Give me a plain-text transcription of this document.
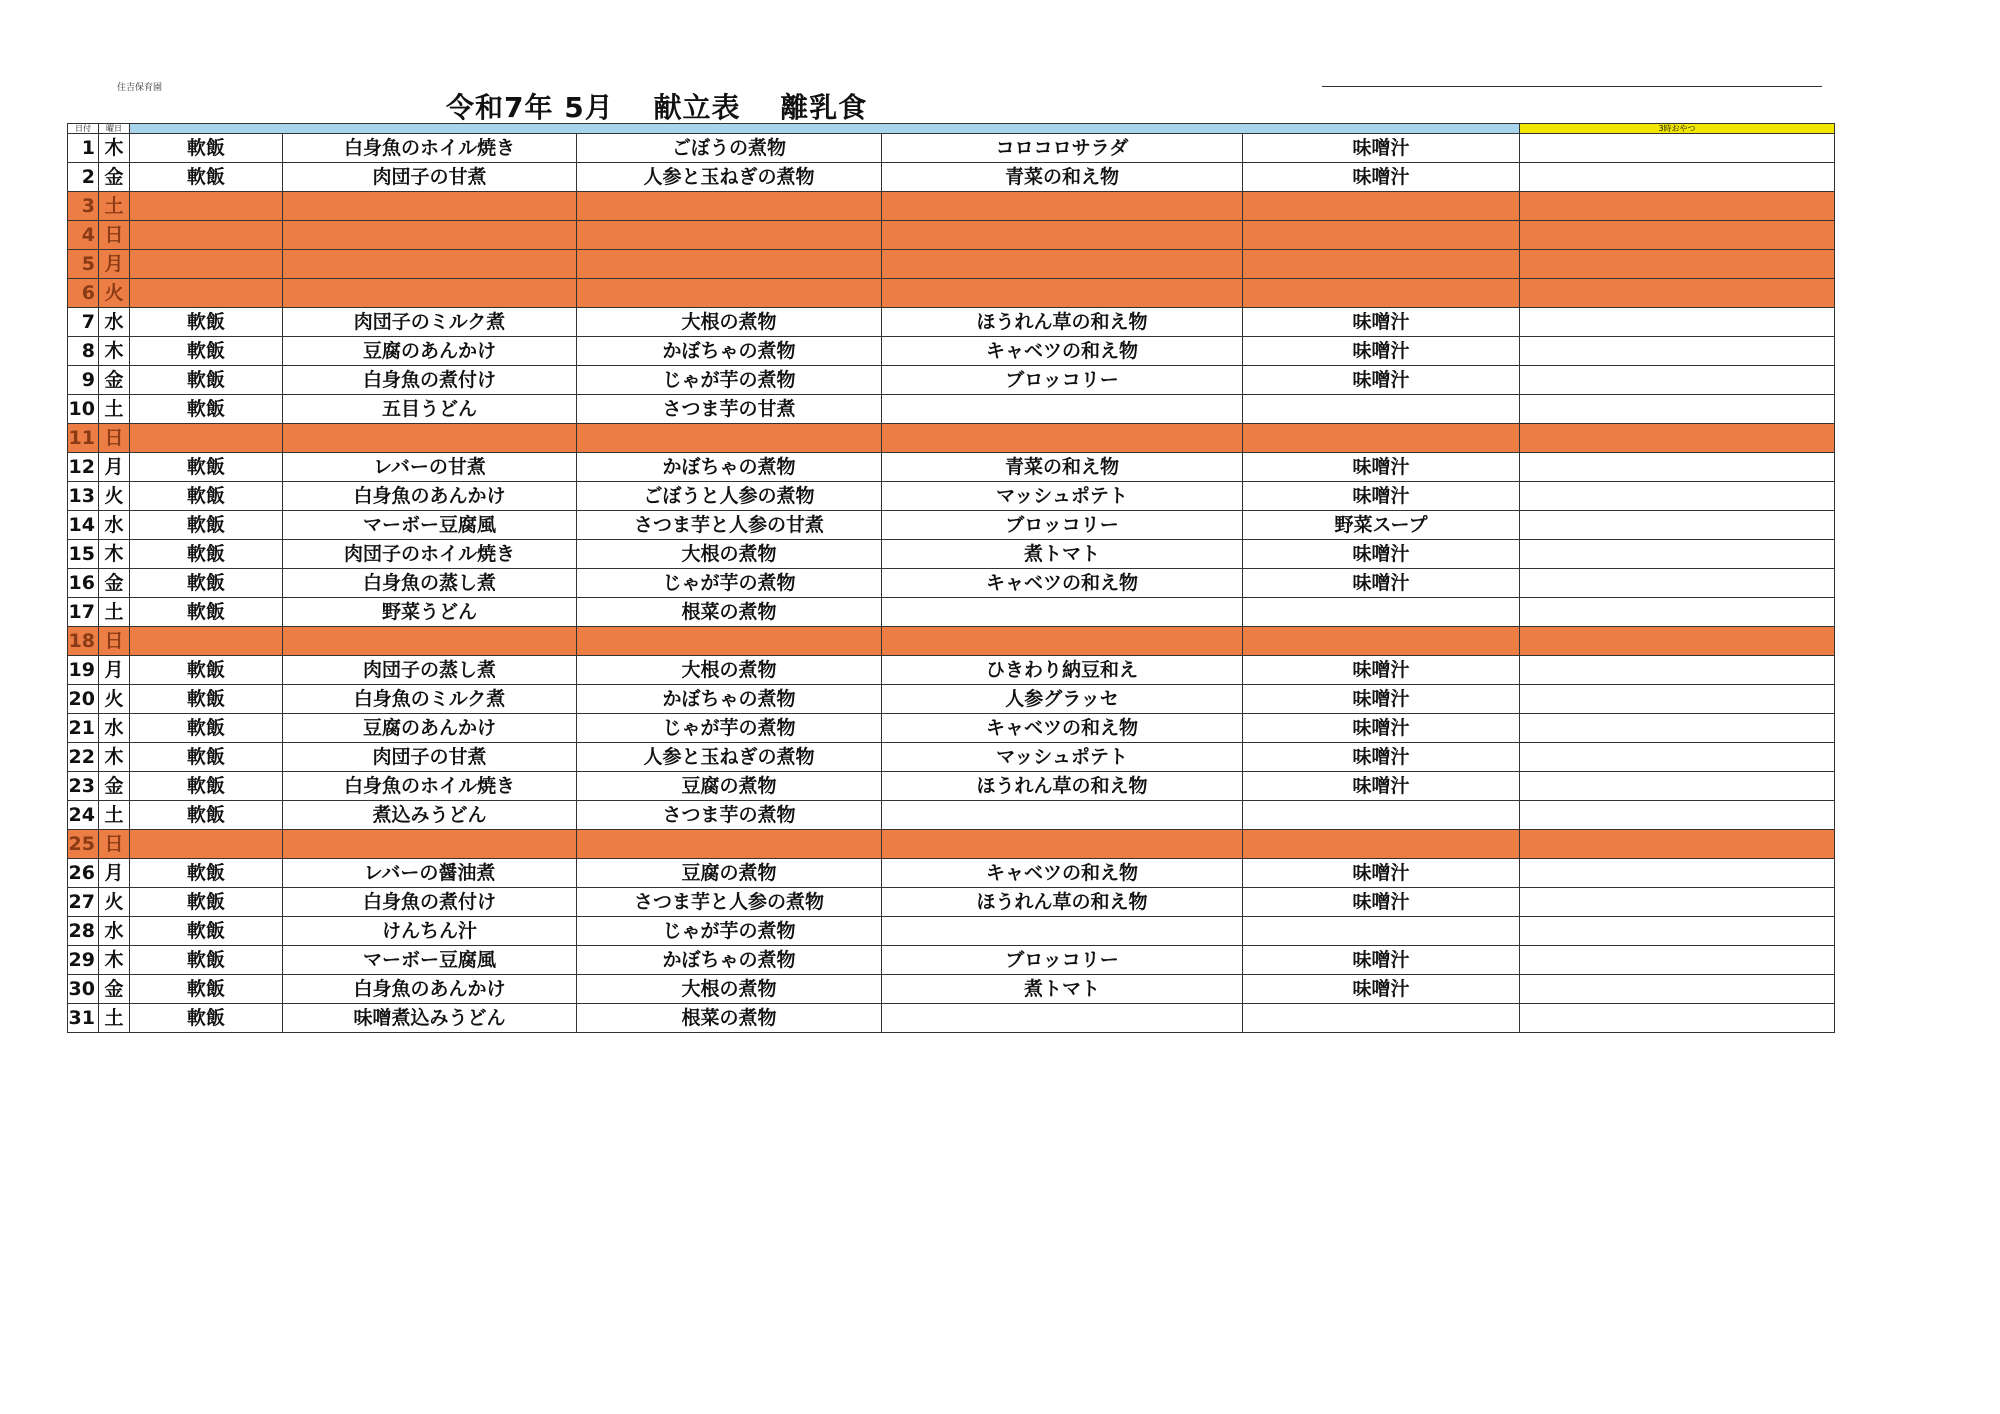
住吉保育園
令和7年 5月　 献立表　 離乳食
日付	曜日						3時おやつ
1	木	軟飯	白身魚のホイル焼き	ごぼうの煮物	コロコロサラダ	味噌汁	
2	金	軟飯	肉団子の甘煮	人参と玉ねぎの煮物	青菜の和え物	味噌汁	
3	土						
4	日						
5	月						
6	火						
7	水	軟飯	肉団子のミルク煮	大根の煮物	ほうれん草の和え物	味噌汁	
8	木	軟飯	豆腐のあんかけ	かぼちゃの煮物	キャベツの和え物	味噌汁	
9	金	軟飯	白身魚の煮付け	じゃが芋の煮物	ブロッコリー	味噌汁	
10	土	軟飯	五目うどん	さつま芋の甘煮			
11	日						
12	月	軟飯	レバーの甘煮	かぼちゃの煮物	青菜の和え物	味噌汁	
13	火	軟飯	白身魚のあんかけ	ごぼうと人参の煮物	マッシュポテト	味噌汁	
14	水	軟飯	マーボー豆腐風	さつま芋と人参の甘煮	ブロッコリー	野菜スープ	
15	木	軟飯	肉団子のホイル焼き	大根の煮物	煮トマト	味噌汁	
16	金	軟飯	白身魚の蒸し煮	じゃが芋の煮物	キャベツの和え物	味噌汁	
17	土	軟飯	野菜うどん	根菜の煮物			
18	日						
19	月	軟飯	肉団子の蒸し煮	大根の煮物	ひきわり納豆和え	味噌汁	
20	火	軟飯	白身魚のミルク煮	かぼちゃの煮物	人参グラッセ	味噌汁	
21	水	軟飯	豆腐のあんかけ	じゃが芋の煮物	キャベツの和え物	味噌汁	
22	木	軟飯	肉団子の甘煮	人参と玉ねぎの煮物	マッシュポテト	味噌汁	
23	金	軟飯	白身魚のホイル焼き	豆腐の煮物	ほうれん草の和え物	味噌汁	
24	土	軟飯	煮込みうどん	さつま芋の煮物			
25	日						
26	月	軟飯	レバーの醤油煮	豆腐の煮物	キャベツの和え物	味噌汁	
27	火	軟飯	白身魚の煮付け	さつま芋と人参の煮物	ほうれん草の和え物	味噌汁	
28	水	軟飯	けんちん汁	じゃが芋の煮物			
29	木	軟飯	マーボー豆腐風	かぼちゃの煮物	ブロッコリー	味噌汁	
30	金	軟飯	白身魚のあんかけ	大根の煮物	煮トマト	味噌汁	
31	土	軟飯	味噌煮込みうどん	根菜の煮物			
